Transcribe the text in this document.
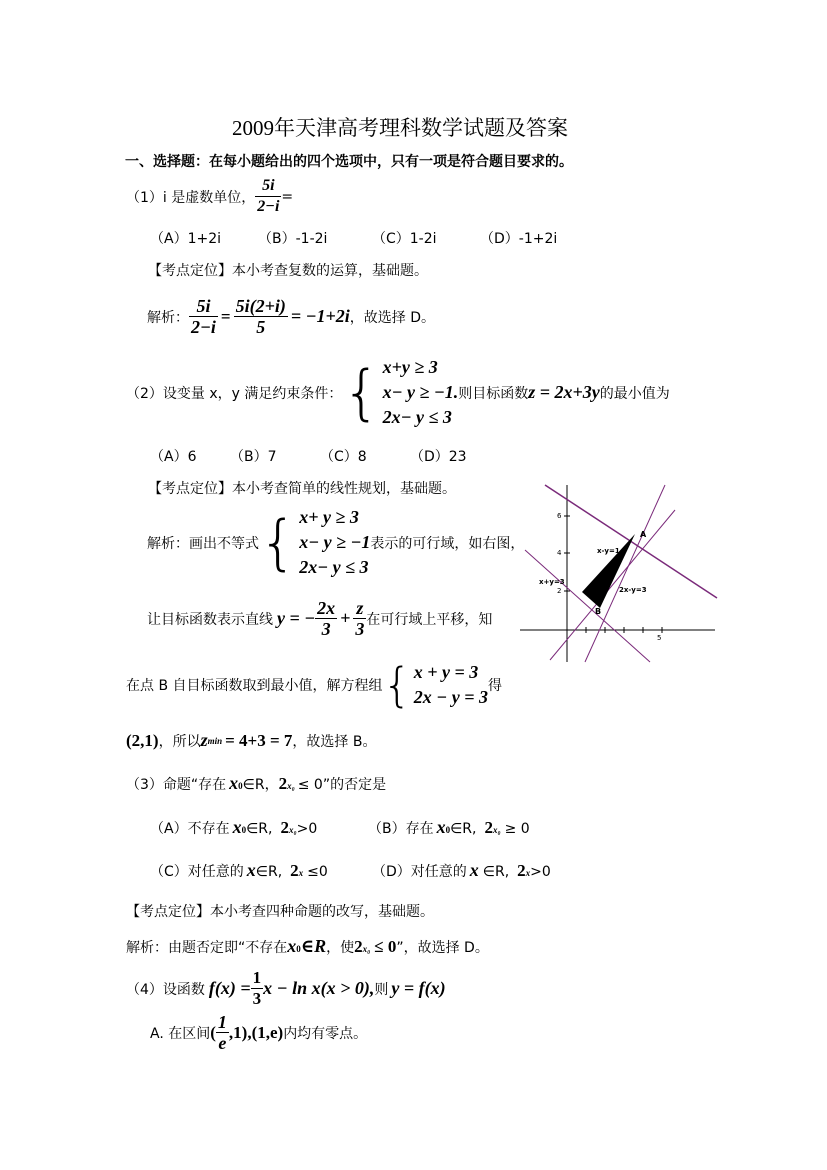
2009年天津高考理科数学试题及答案
一、选择题：在每小题给出的四个选项中，只有一项是符合题目要求的。
（1）i 是虚数单位， $\frac{5i}{2-i}$ =
（A）1+2i	（B）-1-2i	（C）1-2i	（D）-1+2i
【考点定位】本小考查复数的运算，基础题。
解析： $\frac{5i}{2-i} = \frac{5i(2+i)}{5} = -1+2i$ ，故选择 D。
（2）设变量 x，y 满足约束条件： { x+y ≥ 3
x− y ≥ −1.
2x− y ≤ 3
则目标函数 z = 2x+3y 的最小值为
（A）6 （B）7	（C）8	（D）23
【考点定位】本小考查简单的线性规划，基础题。
解析：画出不等式 { x+ y ≥ 3
x− y ≥ −1
2x− y ≤ 3
表示的可行域，如右图，
让目标函数表示直线 y = − $\frac{2x}{3} + \frac{z}{3}$ 在可行域上平移，知
在点 B 自目标函数取到最小值，解方程组 { x + y = 3
2x − y = 3
得
(2,1) ，所以 z min = 4+3 = 7 ，故选择 B。
6
4
2
5
x-y=1
x+y=3
2x-y=3
A
B
（3）命题“存在 x 0 ∈R， 2 x₀ ≤ 0”的否定是
（A）不存在 x 0 ∈R, 2 x₀ >0	（B）存在 x 0 ∈R, 2 x₀ ≥ 0
（C）对任意的 x ∈R, 2 x ≤0	（D）对任意的 x ∈R, 2 x >0
【考点定位】本小考查四种命题的改写，基础题。
解析：由题否定即“不存在 x 0 ∈R ，使 2 x₀ ≤ 0 ”，故选择 D。
（4）设函数 $f(x) = \frac{1}{3}$ x − ln x(x > 0), 则 y = f(x)
A. 在区间 ( $\frac{1}{e} ,1),(1,e)$ 内均有零点。
